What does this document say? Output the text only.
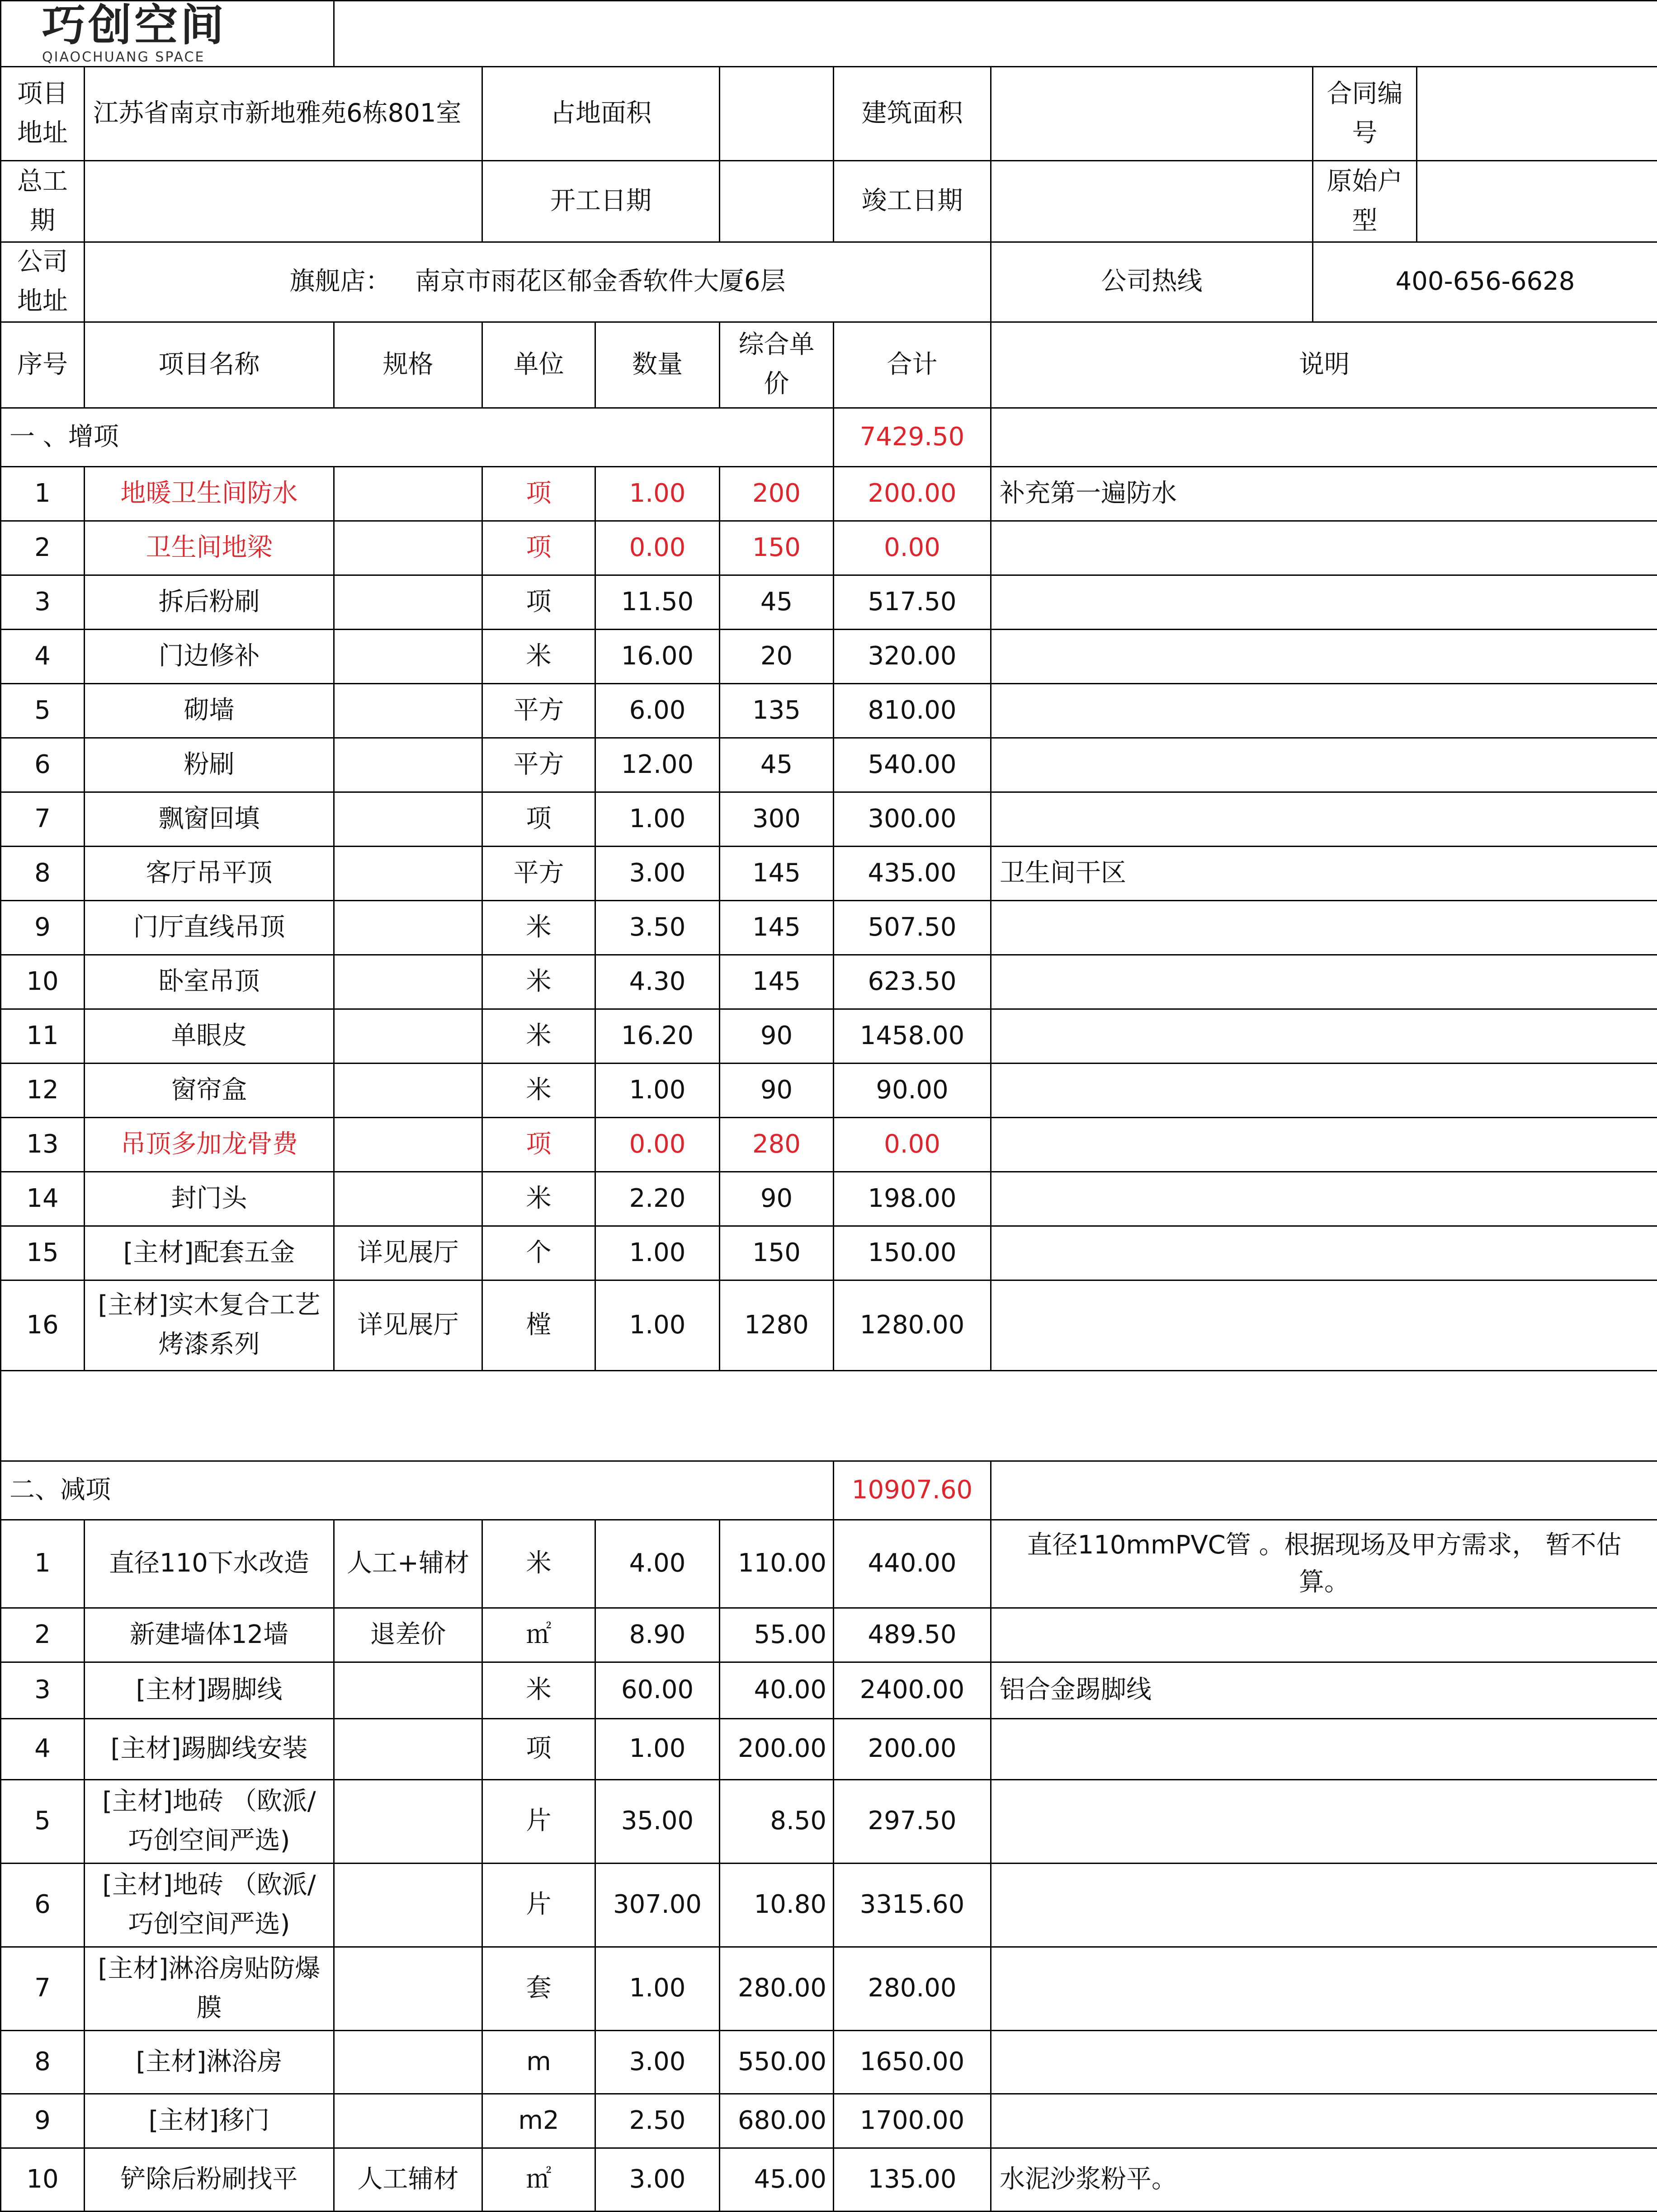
巧创空间
QIAOCHUANG SPACE									

项目地址	江苏省南京市新地雅苑6栋801室		占地面积			建筑面积		合同编号	
总工期			开工日期			竣工日期		原始户型	
公司地址	旗舰店：   南京市雨花区郁金香软件大厦6层						公司热线	400-656-6628	
序号	项目名称	规格	单位	数量	综合单价	合计	说明		
一 、增项						7429.50			
1	地暖卫生间防水		项	1.00	200	200.00	补充第一遍防水		
2	卫生间地梁		项	0.00	150	0.00			
3	拆后粉刷		项	11.50	45	517.50			
4	门边修补		米	16.00	20	320.00			
5	砌墙		平方	6.00	135	810.00			
6	粉刷		平方	12.00	45	540.00			
7	飘窗回填		项	1.00	300	300.00			
8	客厅吊平顶		平方	3.00	145	435.00	卫生间干区		
9	门厅直线吊顶		米	3.50	145	507.50			
10	卧室吊顶		米	4.30	145	623.50			
11	单眼皮		米	16.20	90	1458.00			
12	窗帘盒		米	1.00	90	90.00			
13	吊顶多加龙骨费		项	0.00	280	0.00			
14	封门头		米	2.20	90	198.00			
15	[主材]配套五金	详见展厅	个	1.00	150	150.00			
16	[主材]实木复合工艺烤漆系列	详见展厅	樘	1.00	1280	1280.00			

二、减项						10907.60			
1	直径110下水改造	人工+辅材	米	4.00	110.00	440.00	直径110mmPVC管 。根据现场及甲方需求， 暂不估算。		
2	新建墙体12墙	退差价	㎡	8.90	55.00	489.50			
3	[主材]踢脚线		米	60.00	40.00	2400.00	铝合金踢脚线		
4	[主材]踢脚线安装		项	1.00	200.00	200.00			
5	[主材]地砖 （欧派/巧创空间严选)		片	35.00	8.50	297.50			
6	[主材]地砖 （欧派/巧创空间严选)		片	307.00	10.80	3315.60			
7	[主材]淋浴房贴防爆膜		套	1.00	280.00	280.00			
8	[主材]淋浴房		m	3.00	550.00	1650.00			
9	[主材]移门		m2	2.50	680.00	1700.00			
10	铲除后粉刷找平	人工辅材	㎡	3.00	45.00	135.00	水泥沙浆粉平。		
